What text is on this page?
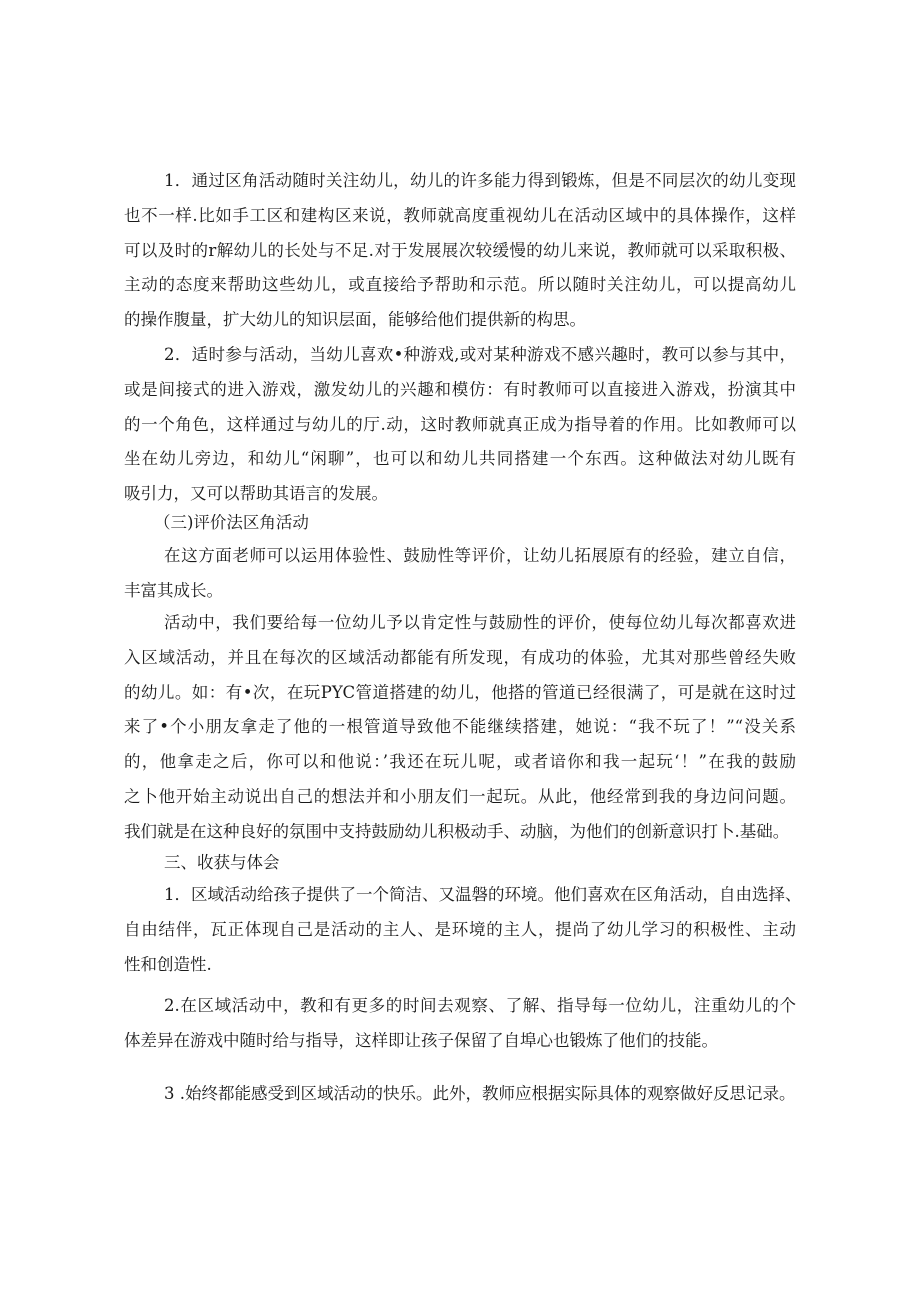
1．通过区角活动随时关注幼儿，幼儿的许多能力得到锻炼，但是不同层次的幼儿变现
也不一样.比如手工区和建构区来说，教师就高度重视幼儿在活动区域中的具体操作，这样
可以及时的r解幼儿的长处与不足.对于发展展次较缓慢的幼儿来说，教师就可以采取积极、
主动的态度来帮助这些幼儿，或直接给予帮助和示范。所以随时关注幼儿，可以提高幼儿
的操作腹量，扩大幼儿的知识层面，能够给他们提供新的构思。
2．适时参与活动，当幼儿喜欢•种游戏,或对某种游戏不感兴趣时，教可以参与其中，
或是间接式的进入游戏，激发幼儿的兴趣和模仿：有时教师可以直接进入游戏，扮演其中
的一个角色，这样通过与幼儿的厅.动，这时教师就真正成为指导着的作用。比如教师可以
坐在幼儿旁边，和幼儿“闲聊”，也可以和幼儿共同搭建一个东西。这种做法对幼儿既有
吸引力，又可以帮助其语言的发展。
（三)评价法区角活动
在这方面老师可以运用体验性、鼓励性等评价，让幼儿拓展原有的经验，建立自信，
丰富其成长。
活动中，我们要给每一位幼儿予以肯定性与鼓励性的评价，使每位幼儿每次都喜欢进
入区域活动，并且在每次的区域活动都能有所发现，有成功的体验，尤其对那些曾经失败
的幼儿。如：有•次，在玩PYC管道搭建的幼儿，他搭的管道已经很满了，可是就在这时过
来了•个小朋友拿走了他的一根管道导致他不能继续搭建，她说：“我不玩了！”“没关系
的，他拿走之后，你可以和他说：’我还在玩儿呢，或者谙你和我一起玩‘！”在我的鼓励
之卜他开始主动说出自己的想法并和小朋友们一起玩。从此，他经常到我的身边问问题。
我们就是在这种良好的氛围中支持鼓励幼儿积极动手、动脑，为他们的创新意识打卜.基础。
三、收获与体会
1．区域活动给孩子提供了一个简洁、又温磐的环境。他们喜欢在区角活动，自由选择、
自由结伴，瓦正体现自己是活动的主人、是环境的主人，提尚了幼儿学习的积极性、主动
性和创造性.
2.在区域活动中，教和有更多的时间去观察、了解、指导每一位幼儿，注重幼儿的个
体差异在游戏中随时给与指导，这样即让孩子保留了自埠心也锻炼了他们的技能。
3 .始终都能感受到区域活动的快乐。此外，教师应根据实际具体的观察做好反思记录。
